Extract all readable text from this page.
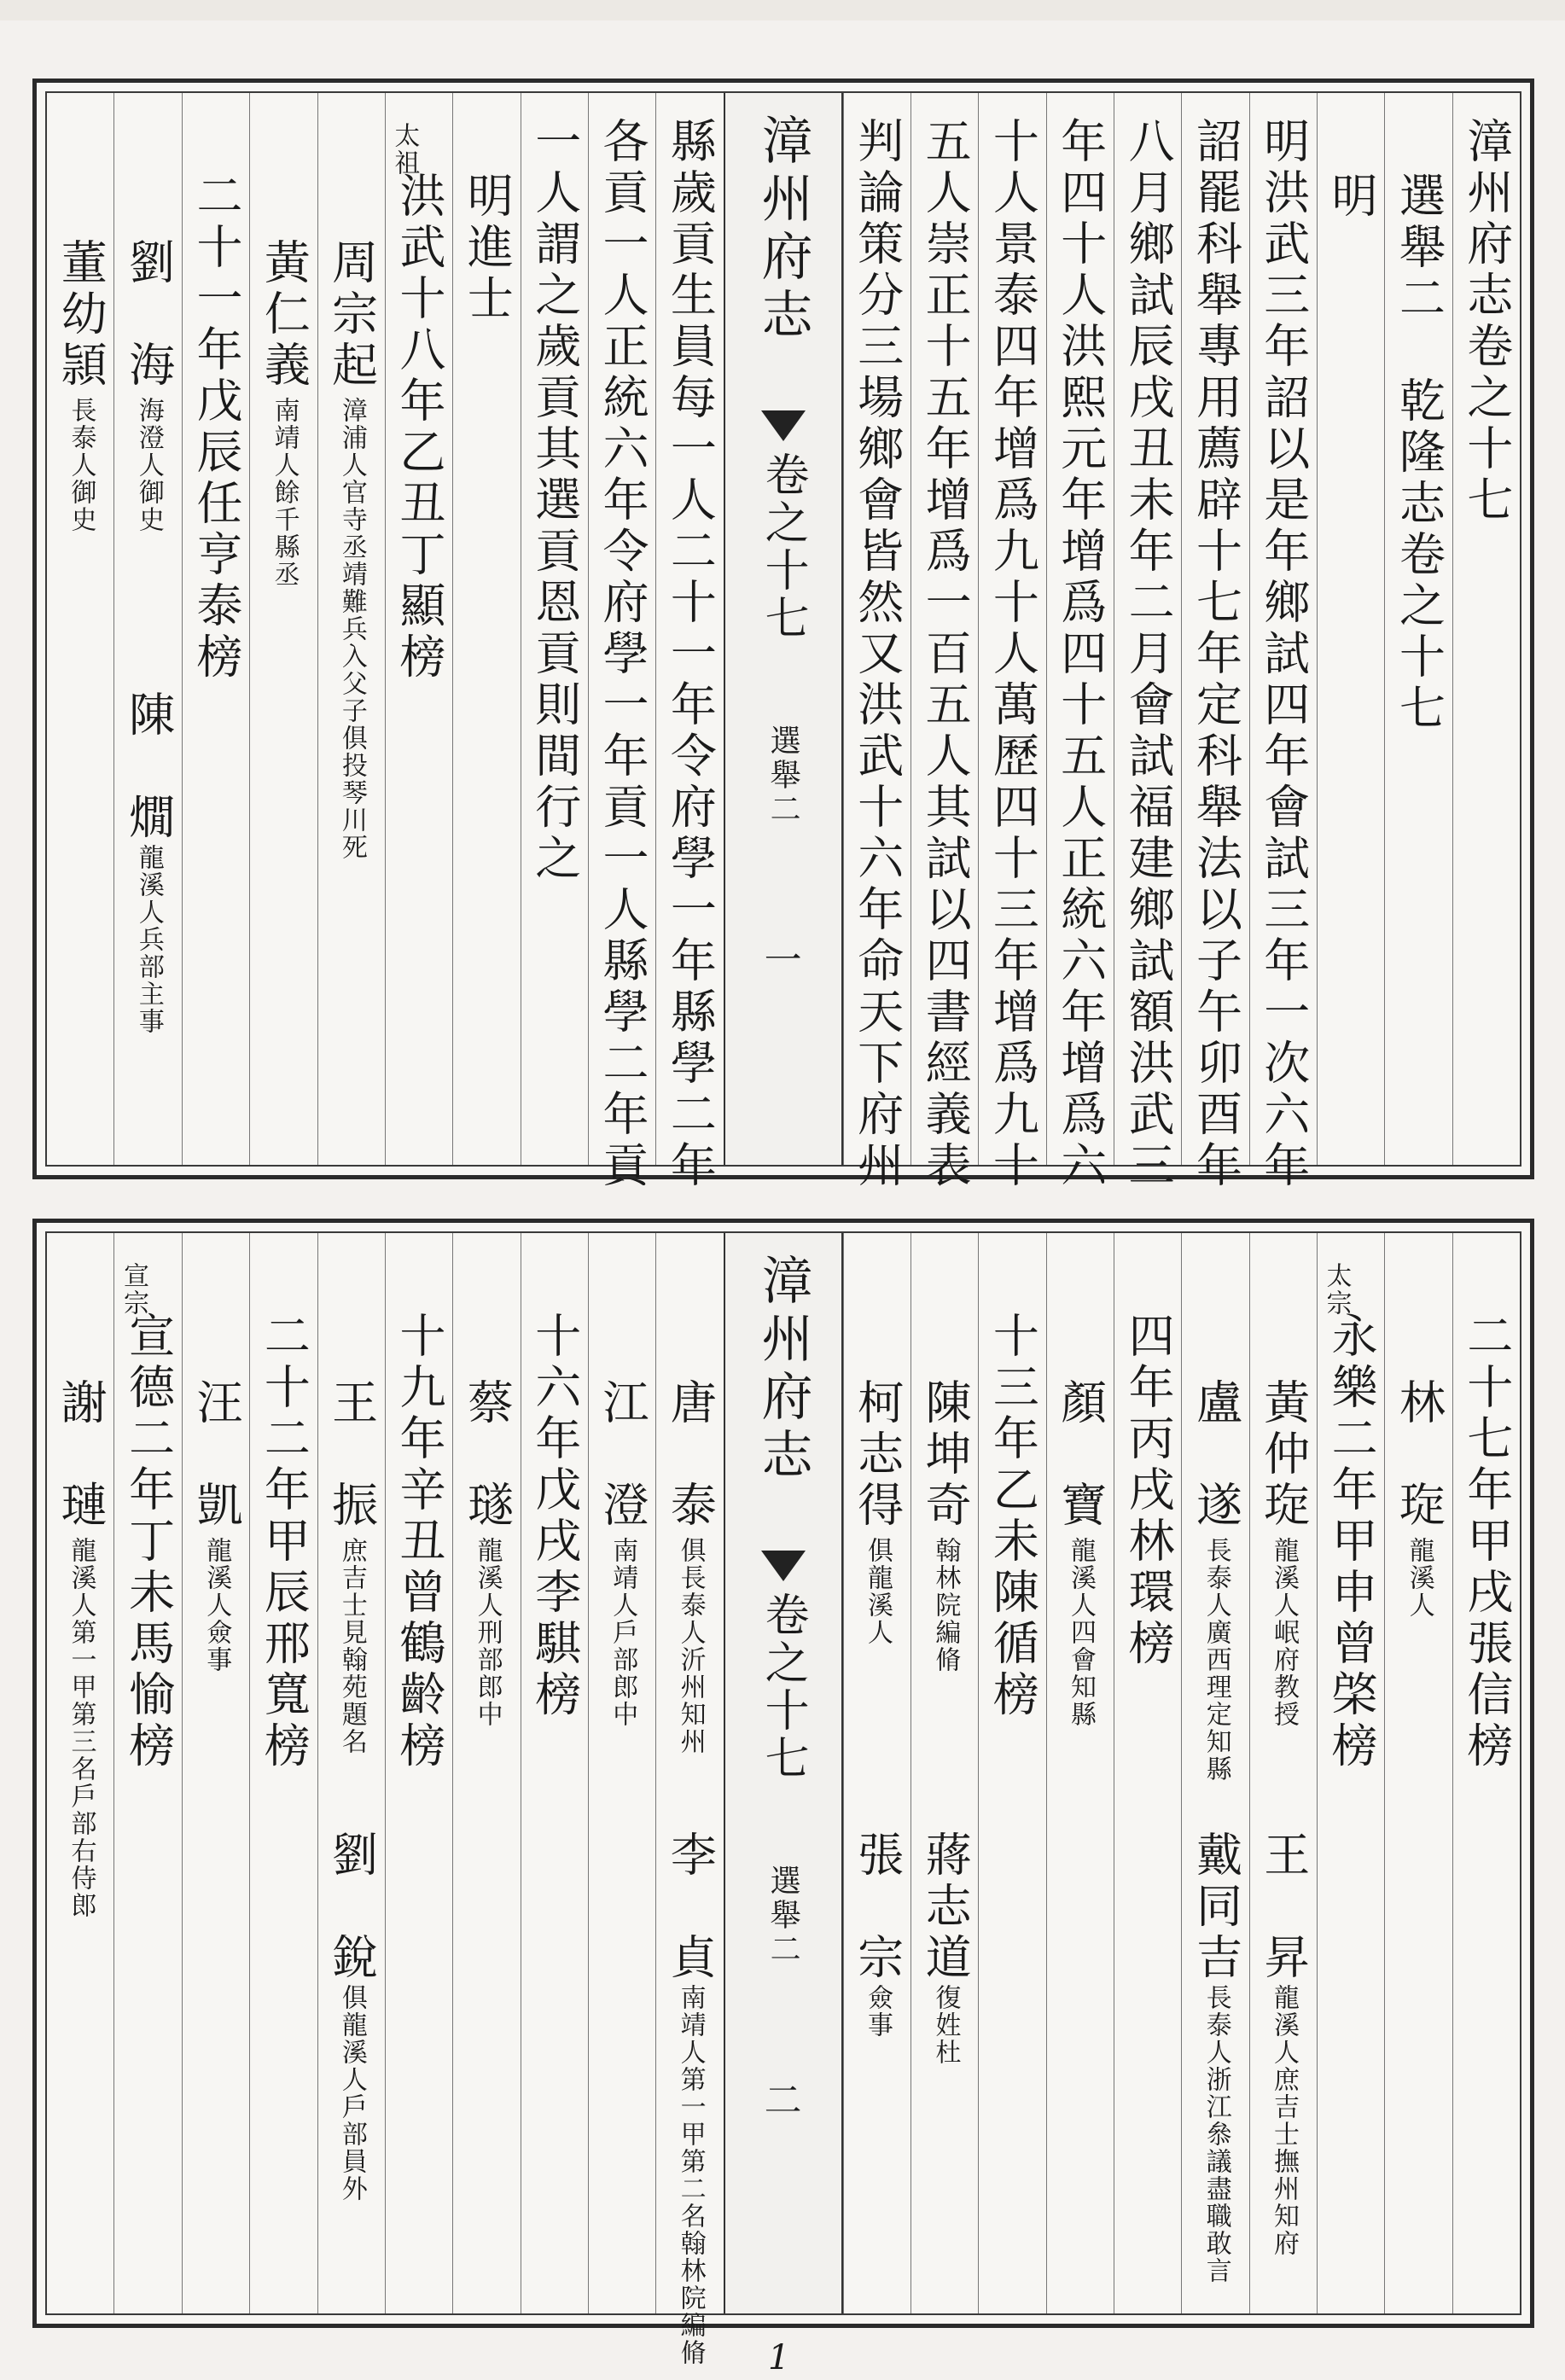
漳州府志卷之十七
選舉二　乾隆志卷之十七
明
明洪武三年詔以是年鄉試四年會試三年一次六年
詔罷科舉專用薦辟十七年定科舉法以子午卯酉年
八月鄉試辰戌丑未年二月會試福建鄉試額洪武三
年四十人洪熙元年增爲四十五人正統六年增爲六
十人景泰四年增爲九十人萬歷四十三年增爲九十
五人崇正十五年增爲一百五人其試以四書經義表
判論策分三場鄉會皆然又洪武十六年命天下府州
漳州府志
卷之十七
選舉二
一
縣歲貢生員每一人二十一年令府學一年縣學二年
各貢一人正統六年令府學一年貢一人縣學二年貢
一人謂之歲貢其選貢恩貢則間行之
明進士
太祖
洪武十八年乙丑丁顯榜
周宗起
漳浦人官寺丞靖難兵入父子俱投琴川死
黃仁義
南靖人餘千縣丞
二十一年戊辰任亨泰榜
劉　海
海澄人御史
陳　燗
龍溪人兵部主事
董幼頴
長泰人御史
二十七年甲戌張信榜
林　琁
龍溪人
太宗
永樂二年甲申曾棨榜
黃仲琁
龍溪人岷府教授
王　昇
龍溪人庶吉士撫州知府
盧　遂
長泰人廣西理定知縣
戴同吉
長泰人浙江叅議盡職敢言
四年丙戌林環榜
顏　寶
龍溪人四會知縣
十三年乙未陳循榜
陳坤奇
翰林院編脩
蔣志道
復姓杜
柯志得
俱龍溪人
張　宗
僉事
漳州府志
卷之十七
選舉二
二
唐　泰
俱長泰人沂州知州
李　貞
南靖人第一甲第二名翰林院編脩
江　澄
南靖人戶部郎中
十六年戊戌李騏榜
蔡　璲
龍溪人刑部郎中
十九年辛丑曾鶴齡榜
王　振
庶吉士見翰苑題名
劉　銳
俱龍溪人戶部員外
二十二年甲辰邢寬榜
汪　凱
龍溪人僉事
宣宗
宣德二年丁未馬愉榜
謝　璉
龍溪人第一甲第三名戶部右侍郎
1
